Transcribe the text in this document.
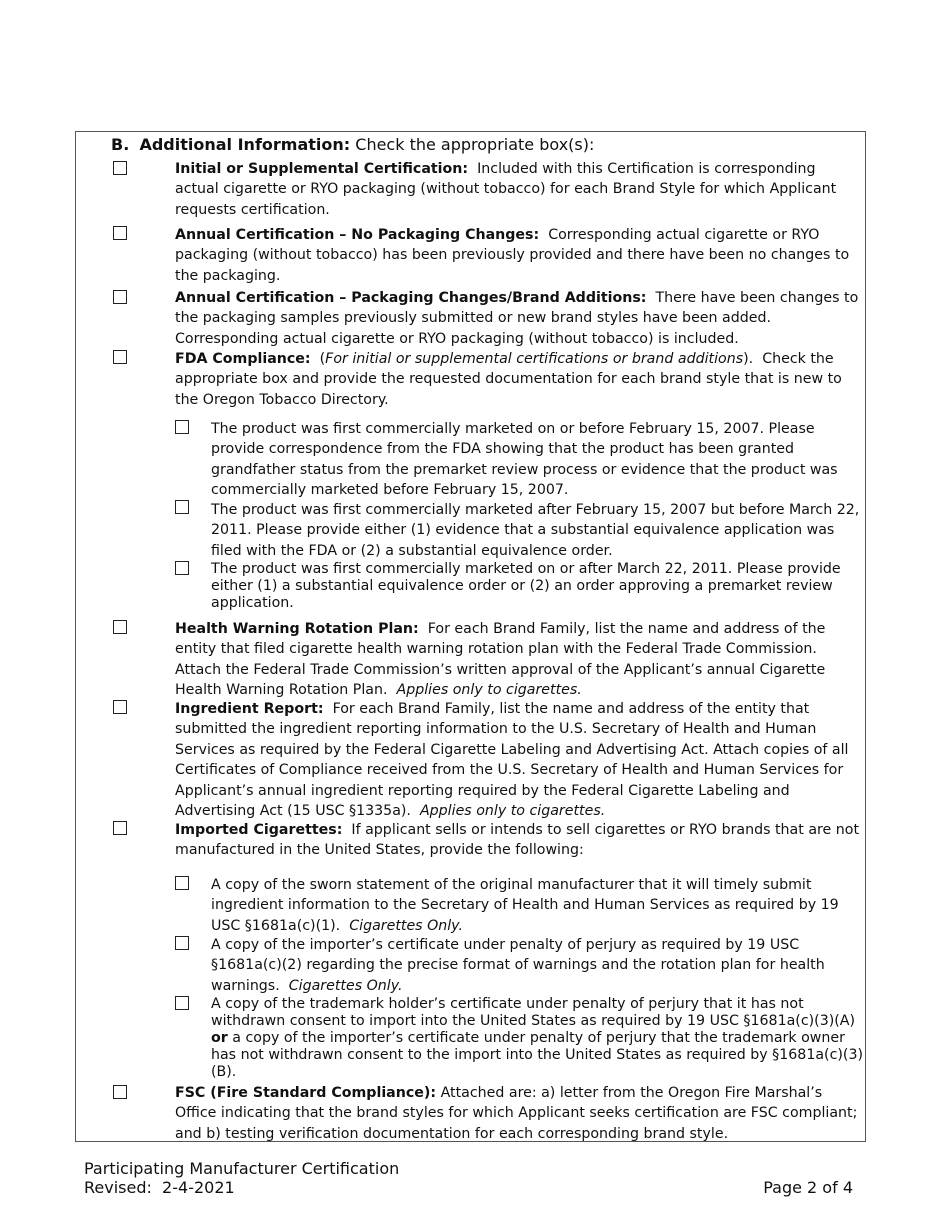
B. Additional Information: Check the appropriate box(s):
Initial or Supplemental Certification: Included with this Certification is corresponding actual cigarette or RYO packaging (without tobacco) for each Brand Style for which Applicant requests certification.
Annual Certification – No Packaging Changes: Corresponding actual cigarette or RYO packaging (without tobacco) has been previously provided and there have been no changes to the packaging.
Annual Certification – Packaging Changes/Brand Additions: There have been changes to the packaging samples previously submitted or new brand styles have been added. Corresponding actual cigarette or RYO packaging (without tobacco) is included.
FDA Compliance: (For initial or supplemental certifications or brand additions). Check the appropriate box and provide the requested documentation for each brand style that is new to the Oregon Tobacco Directory.
The product was first commercially marketed on or before February 15, 2007. Please provide correspondence from the FDA showing that the product has been granted grandfather status from the premarket review process or evidence that the product was commercially marketed before February 15, 2007.
The product was first commercially marketed after February 15, 2007 but before March 22, 2011. Please provide either (1) evidence that a substantial equivalence application was filed with the FDA or (2) a substantial equivalence order.
The product was first commercially marketed on or after March 22, 2011. Please provide either (1) a substantial equivalence order or (2) an order approving a premarket review application.
Health Warning Rotation Plan: For each Brand Family, list the name and address of the entity that filed cigarette health warning rotation plan with the Federal Trade Commission. Attach the Federal Trade Commission’s written approval of the Applicant’s annual Cigarette Health Warning Rotation Plan. Applies only to cigarettes.
Ingredient Report: For each Brand Family, list the name and address of the entity that submitted the ingredient reporting information to the U.S. Secretary of Health and Human Services as required by the Federal Cigarette Labeling and Advertising Act. Attach copies of all Certificates of Compliance received from the U.S. Secretary of Health and Human Services for Applicant’s annual ingredient reporting required by the Federal Cigarette Labeling and Advertising Act (15 USC §1335a). Applies only to cigarettes.
Imported Cigarettes: If applicant sells or intends to sell cigarettes or RYO brands that are not manufactured in the United States, provide the following:
A copy of the sworn statement of the original manufacturer that it will timely submit ingredient information to the Secretary of Health and Human Services as required by 19 USC §1681a(c)(1). Cigarettes Only.
A copy of the importer’s certificate under penalty of perjury as required by 19 USC §1681a(c)(2) regarding the precise format of warnings and the rotation plan for health warnings. Cigarettes Only.
A copy of the trademark holder’s certificate under penalty of perjury that it has not withdrawn consent to import into the United States as required by 19 USC §1681a(c)(3)(A) or a copy of the importer’s certificate under penalty of perjury that the trademark owner has not withdrawn consent to the import into the United States as required by §1681a(c)(3)(B).
FSC (Fire Standard Compliance): Attached are: a) letter from the Oregon Fire Marshal’s Office indicating that the brand styles for which Applicant seeks certification are FSC compliant; and b) testing verification documentation for each corresponding brand style.
Participating Manufacturer Certification
Revised:  2-4-2021	Page 2 of 4
